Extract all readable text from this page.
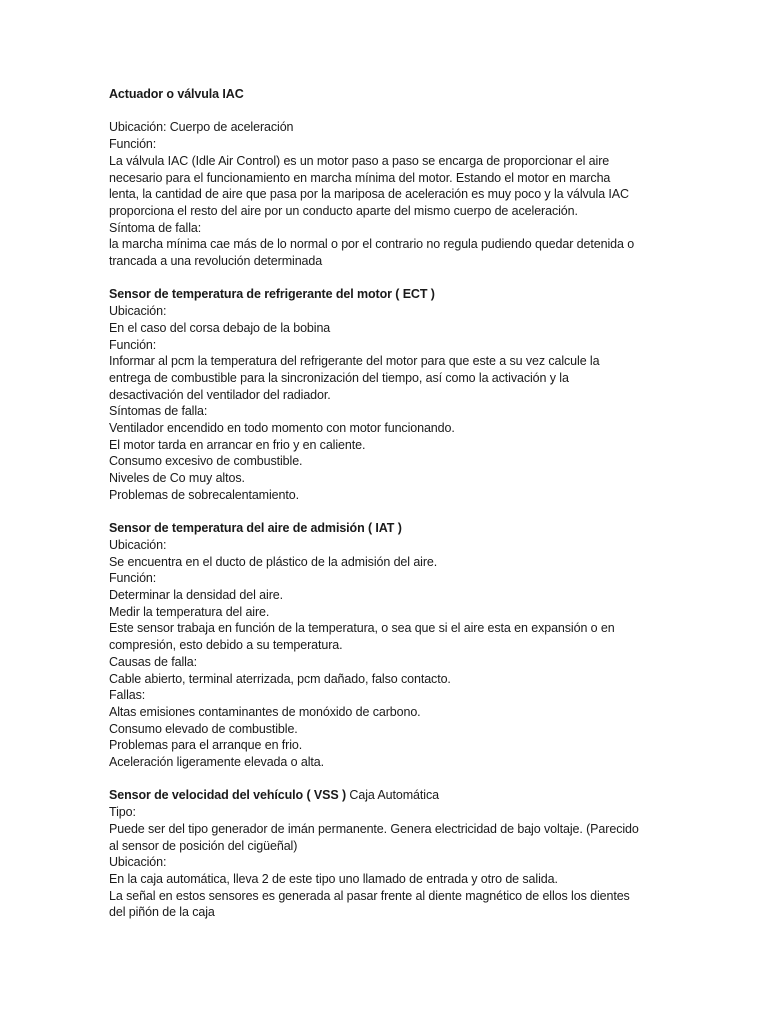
Actuador o válvula IAC
Ubicación: Cuerpo de aceleración
Función:
La válvula IAC (Idle Air Control) es un motor paso a paso se encarga de proporcionar el aire
necesario para el funcionamiento en marcha mínima del motor. Estando el motor en marcha
lenta, la cantidad de aire que pasa por la mariposa de aceleración es muy poco y la válvula IAC
proporciona el resto del aire por un conducto aparte del mismo cuerpo de aceleración.
Síntoma de falla:
la marcha mínima cae más de lo normal o por el contrario no regula pudiendo quedar detenida o
trancada a una revolución determinada
Sensor de temperatura de refrigerante del motor ( ECT )
Ubicación:
En el caso del corsa debajo de la bobina
Función:
Informar al pcm la temperatura del refrigerante del motor para que este a su vez calcule la
entrega de combustible para la sincronización del tiempo, así como la activación y la
desactivación del ventilador del radiador.
Síntomas de falla:
Ventilador encendido en todo momento con motor funcionando.
El motor tarda en arrancar en frio y en caliente.
Consumo excesivo de combustible.
Niveles de Co muy altos.
Problemas de sobrecalentamiento.
Sensor de temperatura del aire de admisión ( IAT )
Ubicación:
Se encuentra en el ducto de plástico de la admisión del aire.
Función:
Determinar la densidad del aire.
Medir la temperatura del aire.
Este sensor trabaja en función de la temperatura, o sea que si el aire esta en expansión o en
compresión, esto debido a su temperatura.
Causas de falla:
Cable abierto, terminal aterrizada, pcm dañado, falso contacto.
Fallas:
Altas emisiones contaminantes de monóxido de carbono.
Consumo elevado de combustible.
Problemas para el arranque en frio.
Aceleración ligeramente elevada o alta.
Sensor de velocidad del vehículo ( VSS ) Caja Automática
Tipo:
Puede ser del tipo generador de imán permanente. Genera electricidad de bajo voltaje. (Parecido
al sensor de posición del cigüeñal)
Ubicación:
En la caja automática, lleva 2 de este tipo uno llamado de entrada y otro de salida.
La señal en estos sensores es generada al pasar frente al diente magnético de ellos los dientes
del piñón de la caja
